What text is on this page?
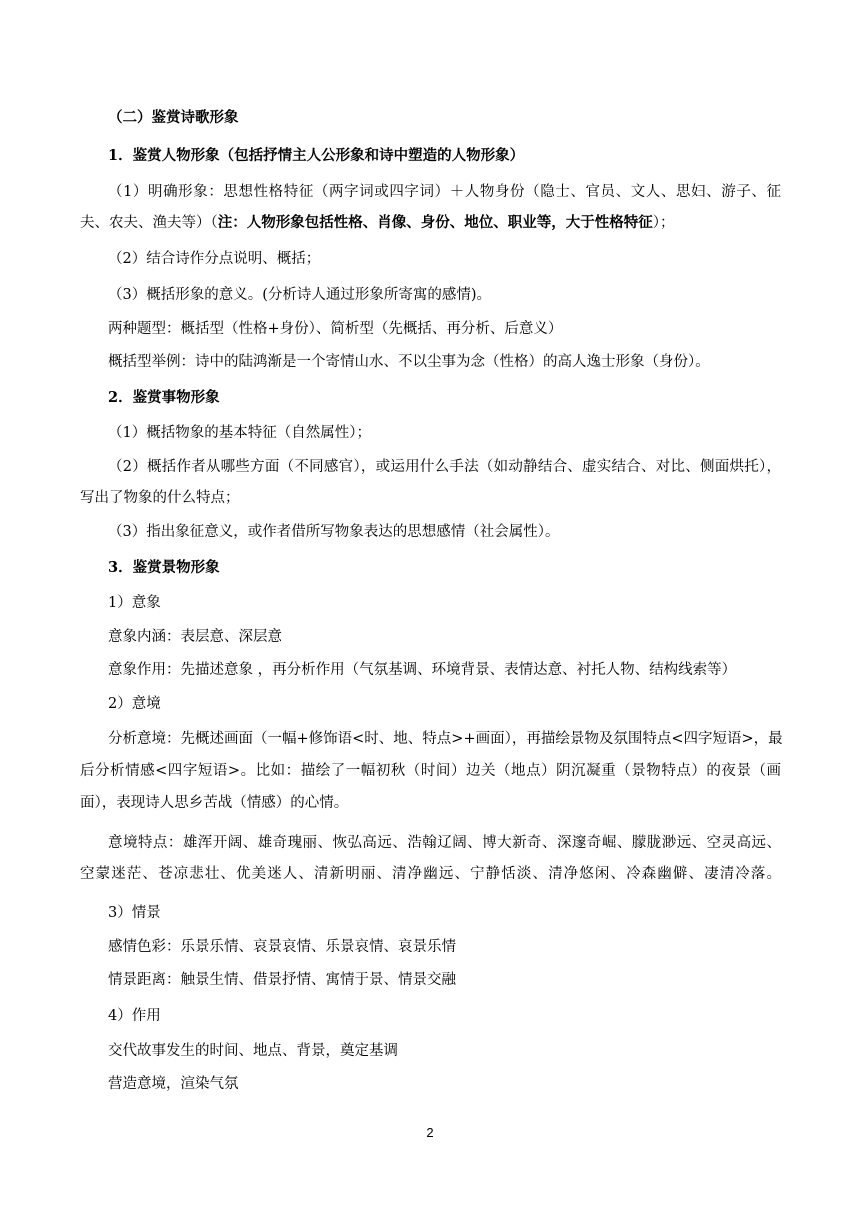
（二）鉴赏诗歌形象
1．鉴赏人物形象（包括抒情主人公形象和诗中塑造的人物形象）
（1）明确形象：思想性格特征（两字词或四字词）＋人物身份（隐士、官员、文人、思妇、游子、征
夫、农夫、渔夫等）（注：人物形象包括性格、肖像、身份、地位、职业等，大于性格特征）；
（2）结合诗作分点说明、概括；
（3）概括形象的意义。(分析诗人通过形象所寄寓的感情)。
两种题型：概括型（性格+身份）、简析型（先概括、再分析、后意义）
概括型举例：诗中的陆鸿渐是一个寄情山水、不以尘事为念（性格）的高人逸士形象（身份）。
2．鉴赏事物形象
（1）概括物象的基本特征（自然属性）；
（2）概括作者从哪些方面（不同感官），或运用什么手法（如动静结合、虚实结合、对比、侧面烘托），
写出了物象的什么特点；
（3）指出象征意义，或作者借所写物象表达的思想感情（社会属性）。
3．鉴赏景物形象
1）意象
意象内涵：表层意、深层意
意象作用：先描述意象 ，再分析作用（气氛基调、环境背景、表情达意、衬托人物、结构线索等）
2）意境
分析意境：先概述画面（一幅+修饰语<时、地、特点>+画面），再描绘景物及氛围特点<四字短语>，最
后分析情感<四字短语>。比如：描绘了一幅初秋（时间）边关（地点）阴沉凝重（景物特点）的夜景（画
面），表现诗人思乡苦战（情感）的心情。
意境特点：雄浑开阔、雄奇瑰丽、恢弘高远、浩翰辽阔、博大新奇、深邃奇崛、朦胧渺远、空灵高远、
空蒙迷茫、苍凉悲壮、优美迷人、清新明丽、清净幽远、宁静恬淡、清净悠闲、冷森幽僻、凄清冷落。
3）情景
感情色彩：乐景乐情、哀景哀情、乐景哀情、哀景乐情
情景距离：触景生情、借景抒情、寓情于景、情景交融
4）作用
交代故事发生的时间、地点、背景，奠定基调
营造意境，渲染气氛
2
